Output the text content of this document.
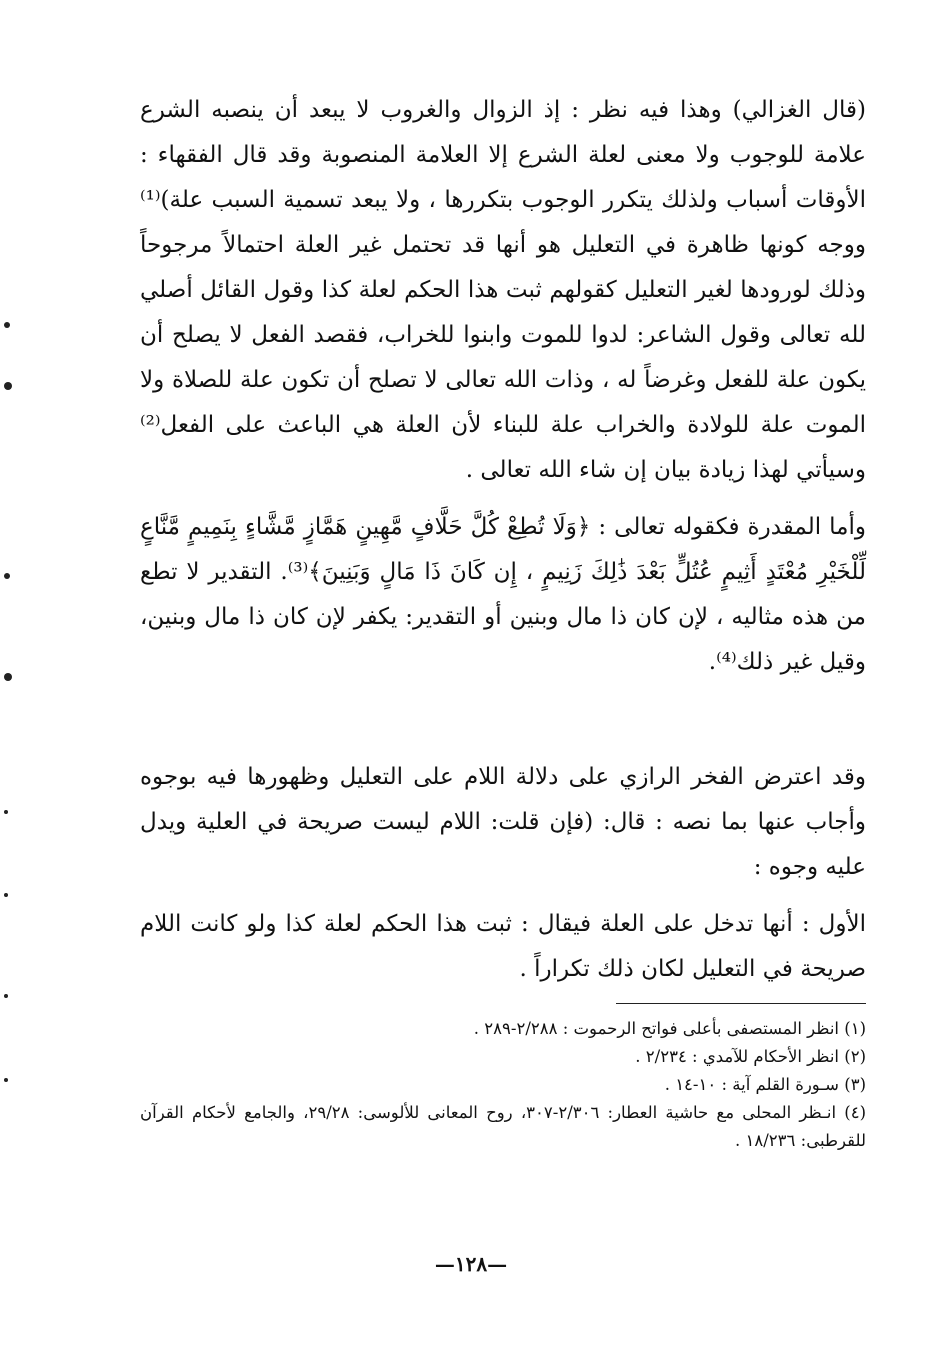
(قال الغزالي) وهذا فيه نظر : إذ الزوال والغروب لا يبعد أن ينصبه الشرع علامة للوجوب ولا معنى لعلة الشرع إلا العلامة المنصوبة وقد قال الفقهاء : الأوقات أسباب ولذلك يتكرر الوجوب بتكررها ، ولا يبعد تسمية السبب علة)⁽¹⁾ ووجه كونها ظاهرة في التعليل هو أنها قد تحتمل غير العلة احتمالاً مرجوحاً وذلك لورودها لغير التعليل كقولهم ثبت هذا الحكم لعلة كذا وقول القائل أصلي لله تعالى وقول الشاعر: لدوا للموت وابنوا للخراب، فقصد الفعل لا يصلح أن يكون علة للفعل وغرضاً له ، وذات الله تعالى لا تصلح أن تكون علة للصلاة ولا الموت علة للولادة والخراب علة للبناء لأن العلة هي الباعث على الفعل⁽²⁾ وسيأتي لهذا زيادة بيان إن شاء الله تعالى .

وأما المقدرة فكقوله تعالى : ﴿وَلَا تُطِعْ كُلَّ حَلَّافٍ مَّهِينٍ هَمَّازٍ مَّشَّاءٍ بِنَمِيمٍ مَّنَّاعٍ لِّلْخَيْرِ مُعْتَدٍ أَثِيمٍ عُتُلٍّ بَعْدَ ذَٰلِكَ زَنِيمٍ ، إِن كَانَ ذَا مَالٍ وَبَنِينَ﴾⁽³⁾. التقدير لا تطع من هذه مثاليه ، لإن كان ذا مال وبنين أو التقدير: يكفر لإن كان ذا مال وبنين، وقيل غير ذلك⁽⁴⁾.

وقد اعترض الفخر الرازي على دلالة اللام على التعليل وظهورها فيه بوجوه وأجاب عنها بما نصه : قال: (فإن قلت: اللام ليست صريحة في العلية ويدل عليه وجوه :

الأول : أنها تدخل على العلة فيقال : ثبت هذا الحكم لعلة كذا ولو كانت اللام صريحة في التعليل لكان ذلك تكراراً .

(١) انظر المستصفى بأعلى فواتح الرحموت : ٢/٢٨٨-٢٨٩ .

(٢) انظر الأحكام للآمدي : ٢/٢٣٤ .

(٣) سـورة القلم آية : ١٠-١٤ .

(٤) انـظر المحلى مع حاشية العطار: ٢/٣٠٦-٣٠٧، روح المعانى للألوسى: ٢٩/٢٨، والجامع لأحكام القرآن للقرطبى: ١٨/٢٣٦ .

—١٢٨—
